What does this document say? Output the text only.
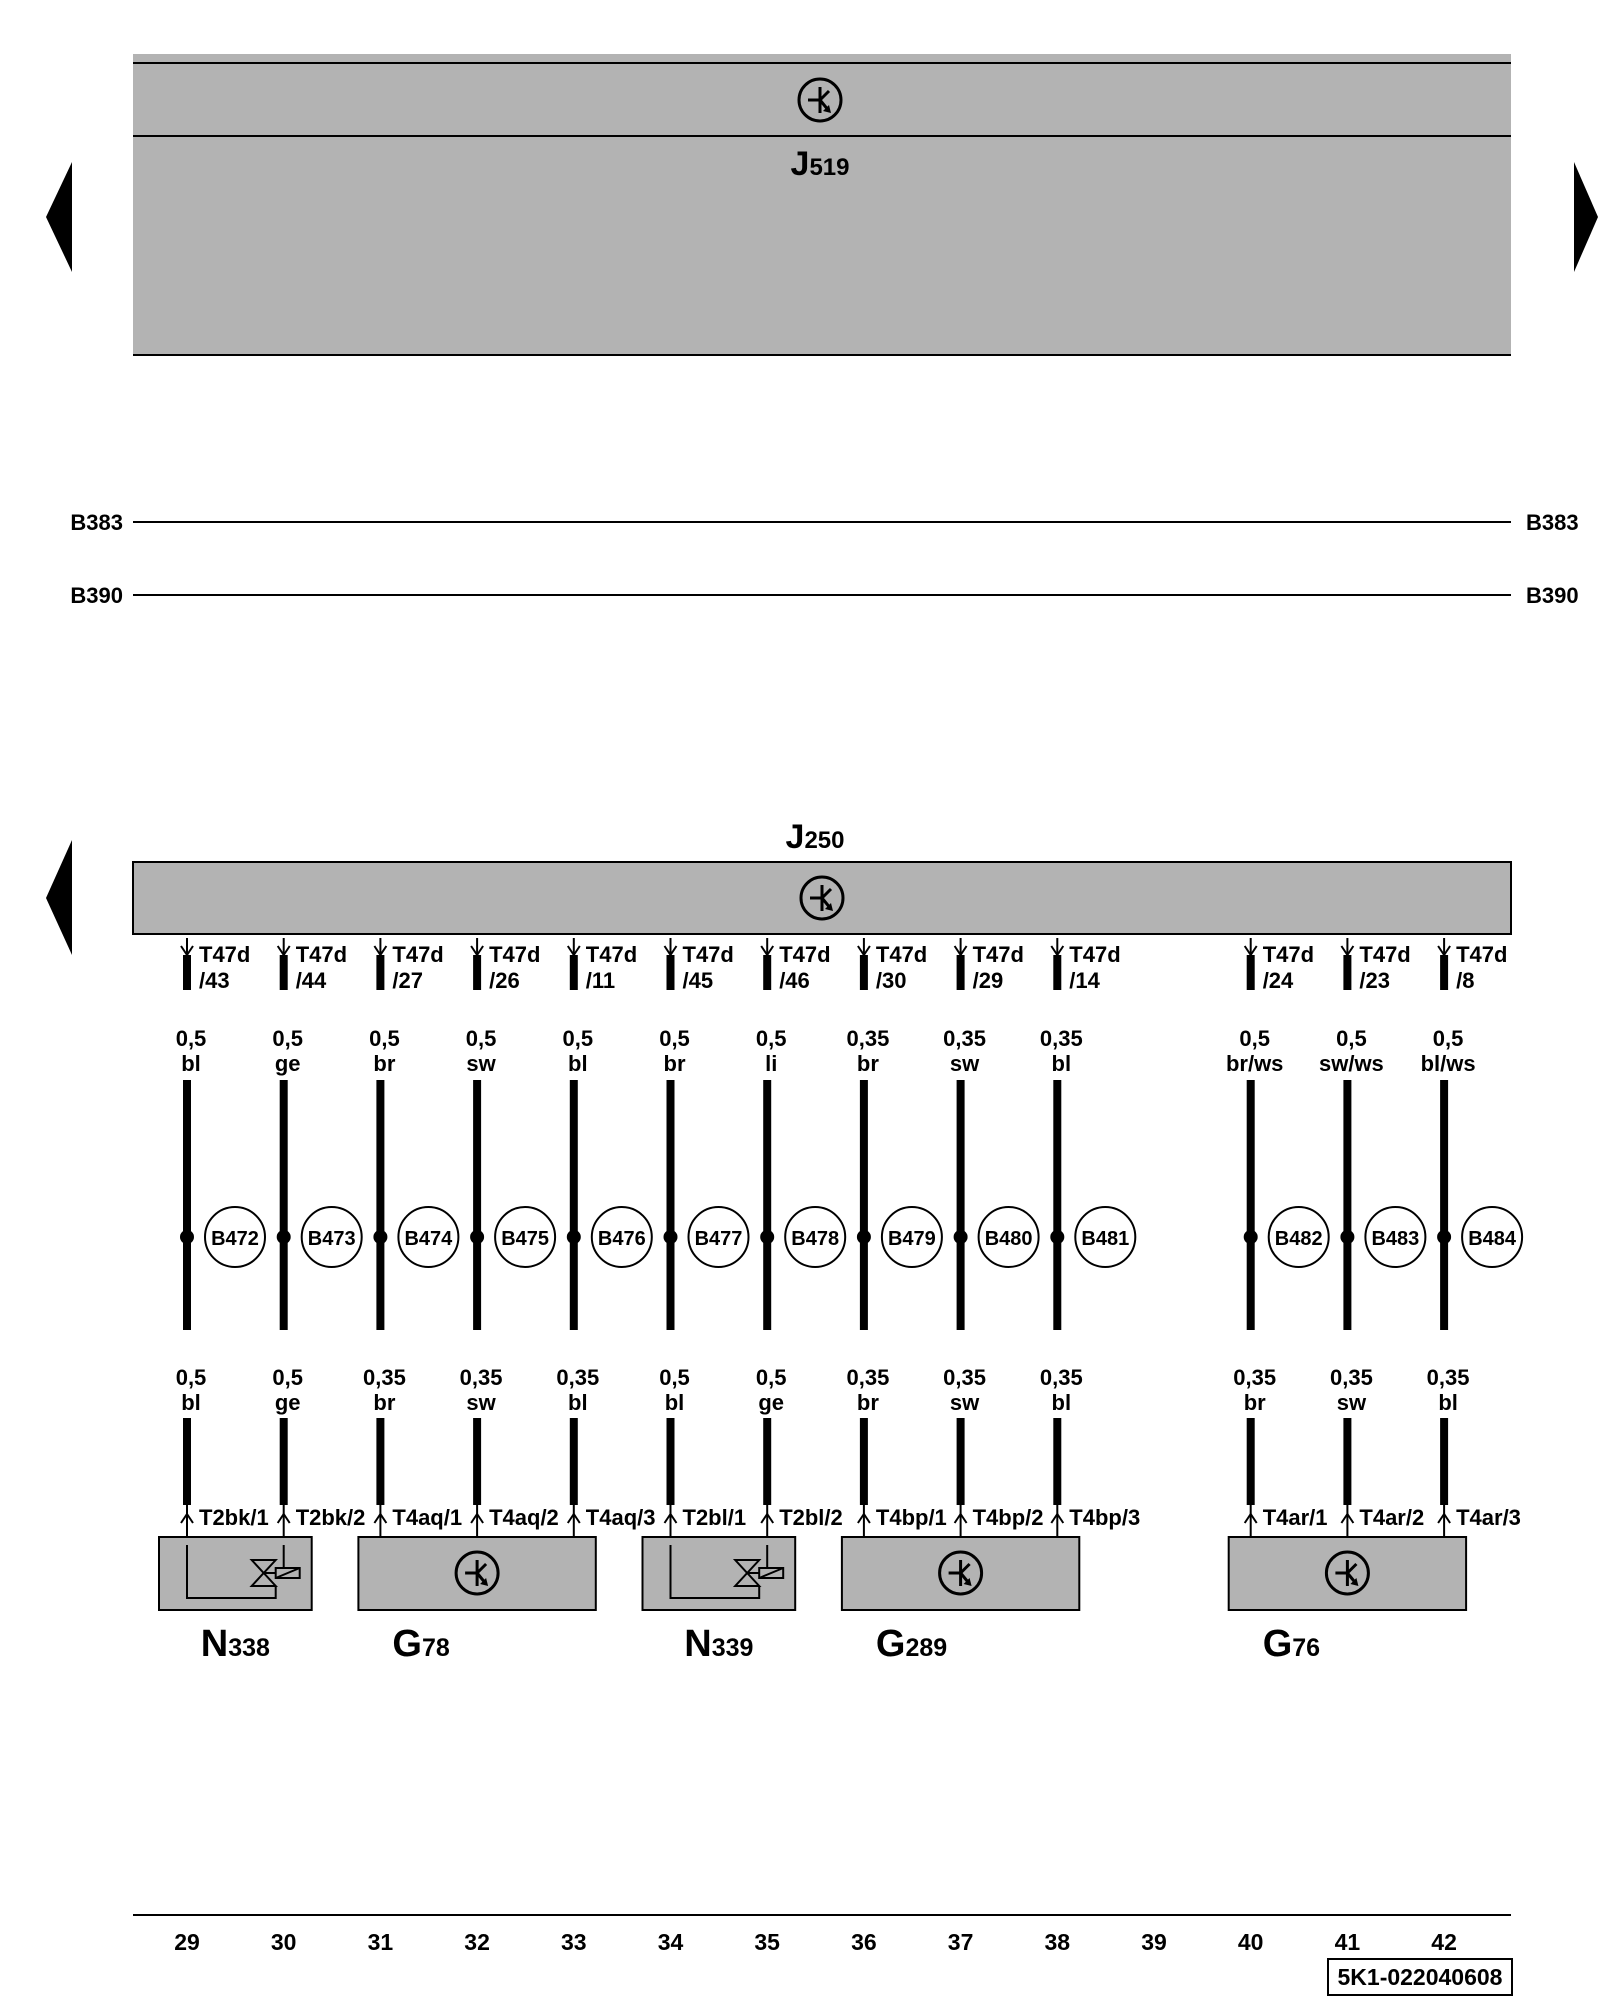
J519
B383	B383
B390	B390
J250
T47d
/43
0,5
bl
B472
0,5
bl
T2bk/1
T47d
/44
0,5
ge
B473
0,5
ge
T2bk/2
T47d
/27
0,5
br
B474
0,35
br
T4aq/1
T47d
/26
0,5
sw
B475
0,35
sw
T4aq/2
T47d
/11
0,5
bl
B476
0,35
bl
T4aq/3
T47d
/45
0,5
br
B477
0,5
bl
T2bl/1
T47d
/46
0,5
li
B478
0,5
ge
T2bl/2
T47d
/30
0,35
br
B479
0,35
br
T4bp/1
T47d
/29
0,35
sw
B480
0,35
sw
T4bp/2
T47d
/14
0,35
bl
B481
0,35
bl
T4bp/3
T47d
/24
0,5
br/ws
B482
0,35
br
T4ar/1
T47d
/23
0,5
sw/ws
B483
0,35
sw
T4ar/2
T47d
/8
0,5
bl/ws
B484
0,35
bl
T4ar/3
N338	G78	N339	G289	G76
29	30	31	32	33	34	35	36	37	38	39	40	41	42
5K1-022040608
